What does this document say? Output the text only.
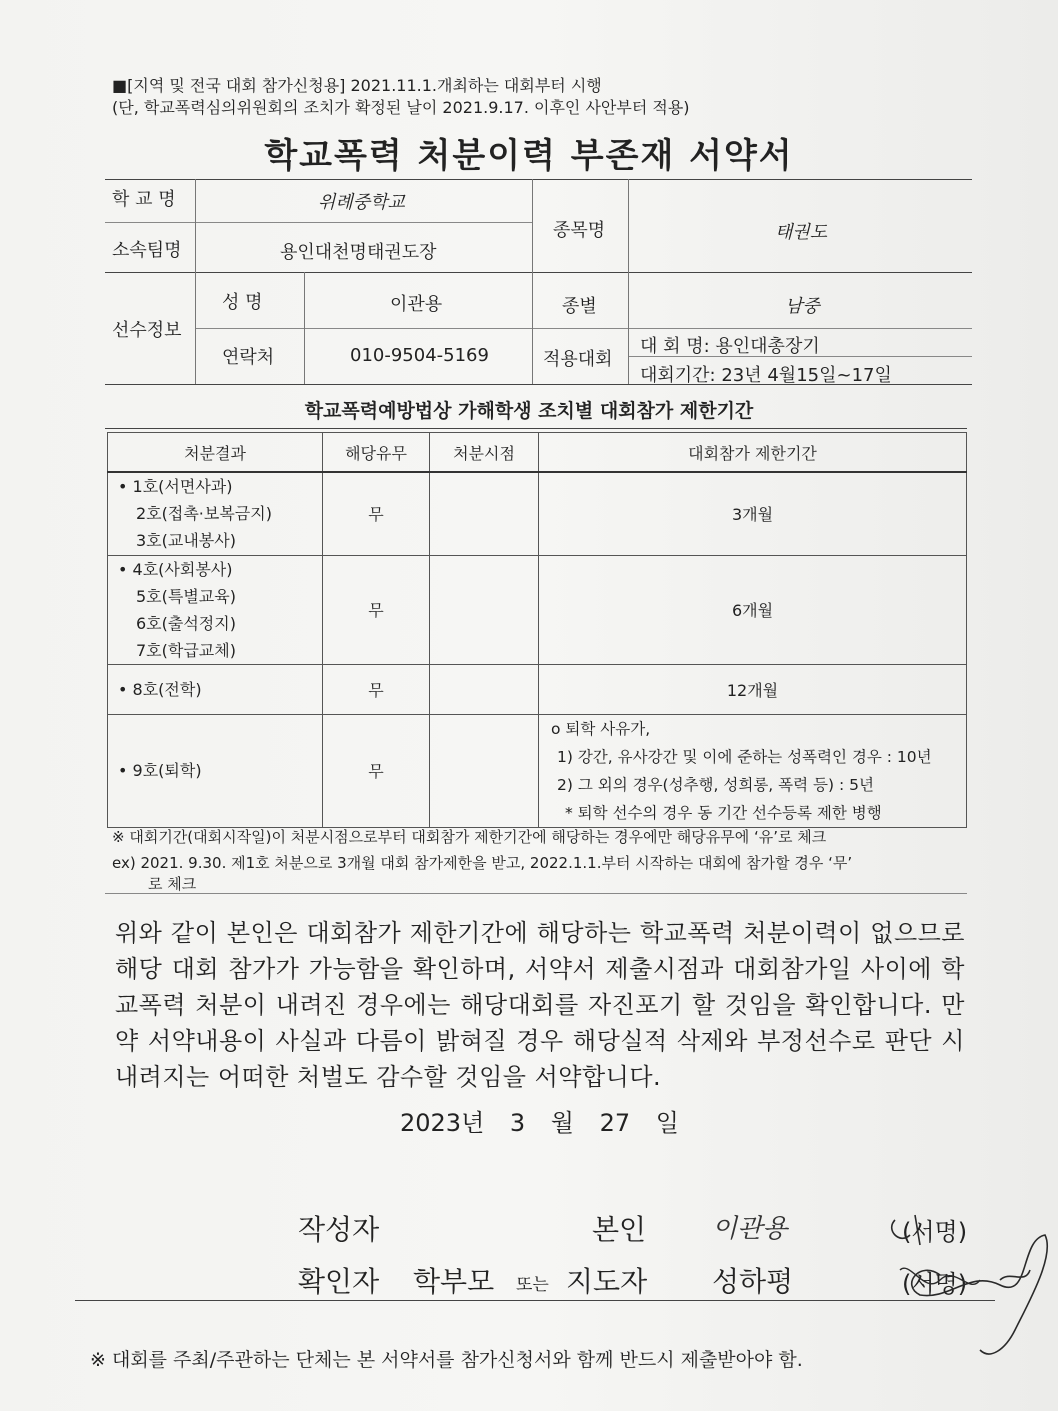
■[지역 및 전국 대회 참가신청용] 2021.11.1.개최하는 대회부터 시행
(단, 학교폭력심의위원회의 조치가 확정된 날이 2021.9.17. 이후인 사안부터 적용)
학교폭력 처분이력 부존재 서약서
학 교 명	위례중학교
소속팀명	용인대천명태권도장
종목명	태권도
선수정보
성 명	이관용	종별	남중
연락처	010-9504-5169	적용대회
대 회 명: 용인대총장기
대회기간: 23년 4월15일~17일
학교폭력예방법상 가해학생 조치별 대회참가 제한기간
처분결과	해당유무	처분시점	대회참가 제한기간

• 1호(서면사과)
2호(접촉·보복금지)
3호(교내봉사)	무		3개월

• 4호(사회봉사)
5호(특별교육)
6호(출석정지)
7호(학급교체)	무		6개월
• 8호(전학)	무		12개월
• 9호(퇴학)	무		o 퇴학 사유가,
1) 강간, 유사강간 및 이에 준하는 성폭력인 경우 : 10년
2) 그 외의 경우(성추행, 성희롱, 폭력 등) : 5년
* 퇴학 선수의 경우 동 기간 선수등록 제한 병행
※ 대회기간(대회시작일)이 처분시점으로부터 대회참가 제한기간에 해당하는 경우에만 해당유무에 ‘유’로 체크
ex) 2021. 9.30. 제1호 처분으로 3개월 대회 참가제한을 받고, 2022.1.1.부터 시작하는 대회에 참가할 경우 ‘무’
로 체크
위와 같이 본인은 대회참가 제한기간에 해당하는 학교폭력 처분이력이 없으므로 해당 대회 참가가 가능함을 확인하며, 서약서 제출시점과 대회참가일 사이에 학교폭력 처분이 내려진 경우에는 해당대회를 자진포기 할 것임을 확인합니다. 만약 서약내용이 사실과 다름이 밝혀질 경우 해당실적 삭제와 부정선수로 판단 시 내려지는 어떠한 처벌도 감수할 것임을 서약합니다.
2023년 3 월 27 일
작성자	본인	이관용	(서명)
확인자 학부모 또는 지도자 성하평	(서명)
※ 대회를 주최/주관하는 단체는 본 서약서를 참가신청서와 함께 반드시 제출받아야 함.
